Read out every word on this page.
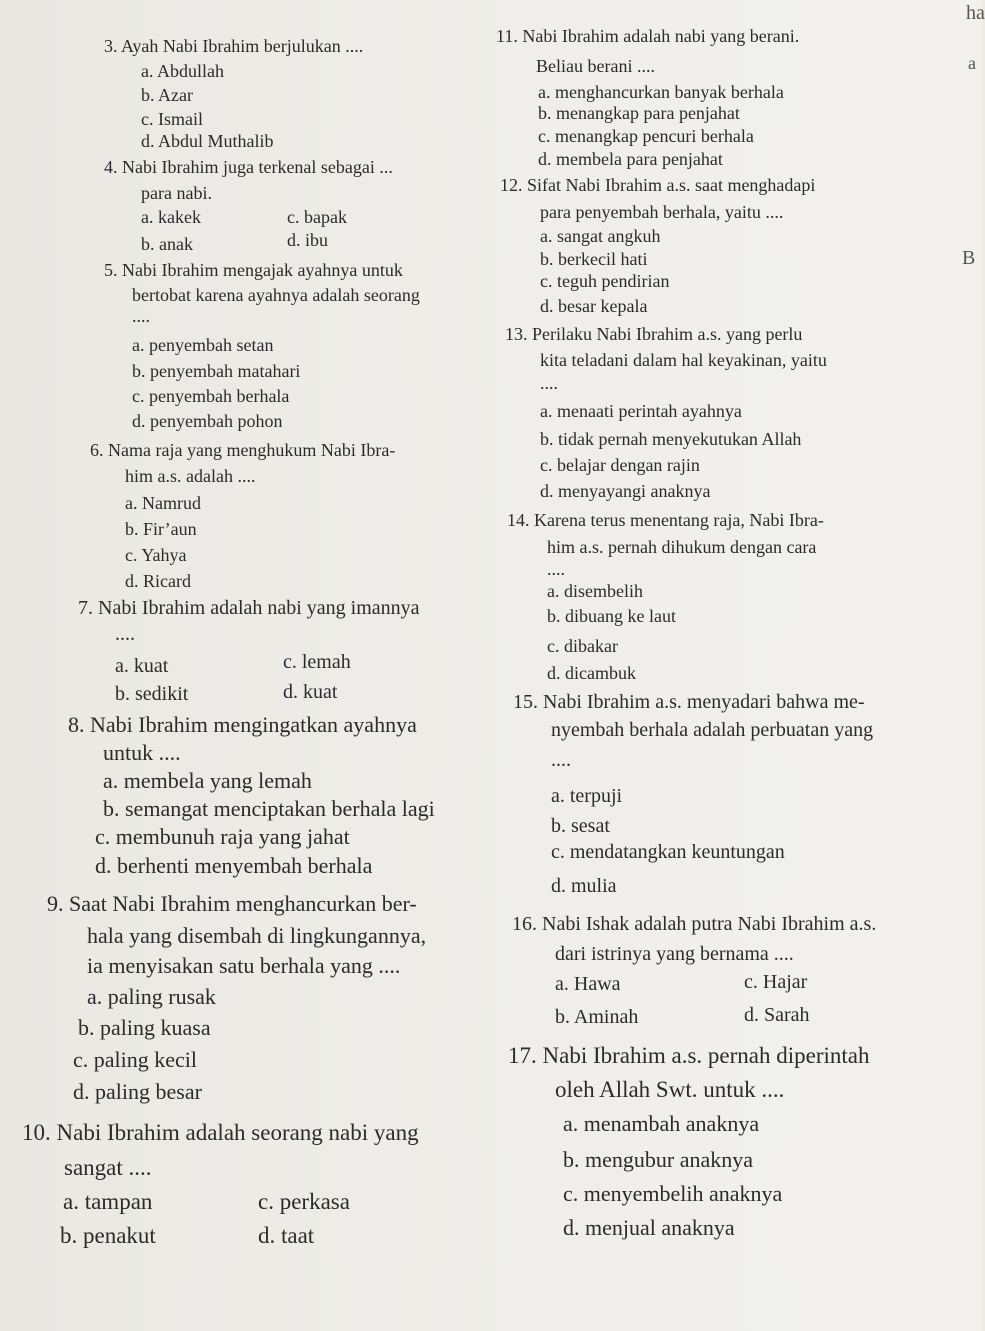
3. Ayah Nabi Ibrahim berjulukan ....
a. Abdullah
b. Azar
c. Ismail
d. Abdul Muthalib
4. Nabi Ibrahim juga terkenal sebagai ...
para nabi.
a. kakek
b. anak
c. bapak
d. ibu
5. Nabi Ibrahim mengajak ayahnya untuk
bertobat karena ayahnya adalah seorang
....
a. penyembah setan
b. penyembah matahari
c. penyembah berhala
d. penyembah pohon
6. Nama raja yang menghukum Nabi Ibra-
him a.s. adalah ....
a. Namrud
b. Fir’aun
c. Yahya
d. Ricard
7. Nabi Ibrahim adalah nabi yang imannya
....
a. kuat
b. sedikit
c. lemah
d. kuat
8. Nabi Ibrahim mengingatkan ayahnya
untuk ....
a. membela yang lemah
b. semangat menciptakan berhala lagi
c. membunuh raja yang jahat
d. berhenti menyembah berhala
9. Saat Nabi Ibrahim menghancurkan ber-
hala yang disembah di lingkungannya,
ia menyisakan satu berhala yang ....
a. paling rusak
b. paling kuasa
c. paling kecil
d. paling besar
10. Nabi Ibrahim adalah seorang nabi yang
sangat ....
a. tampan
b. penakut
c. perkasa
d. taat
11. Nabi Ibrahim adalah nabi yang berani.
Beliau berani ....
a. menghancurkan banyak berhala
b. menangkap para penjahat
c. menangkap pencuri berhala
d. membela para penjahat
12. Sifat Nabi Ibrahim a.s. saat menghadapi
para penyembah berhala, yaitu ....
a. sangat angkuh
b. berkecil hati
c. teguh pendirian
d. besar kepala
13. Perilaku Nabi Ibrahim a.s. yang perlu
kita teladani dalam hal keyakinan, yaitu
....
a. menaati perintah ayahnya
b. tidak pernah menyekutukan Allah
c. belajar dengan rajin
d. menyayangi anaknya
14. Karena terus menentang raja, Nabi Ibra-
him a.s. pernah dihukum dengan cara
....
a. disembelih
b. dibuang ke laut
c. dibakar
d. dicambuk
15. Nabi Ibrahim a.s. menyadari bahwa me-
nyembah berhala adalah perbuatan yang
....
a. terpuji
b. sesat
c. mendatangkan keuntungan
d. mulia
16. Nabi Ishak adalah putra Nabi Ibrahim a.s.
dari istrinya yang bernama ....
a. Hawa
b. Aminah
c. Hajar
d. Sarah
17. Nabi Ibrahim a.s. pernah diperintah
oleh Allah Swt. untuk ....
a. menambah anaknya
b. mengubur anaknya
c. menyembelih anaknya
d. menjual anaknya
ha
a
B
